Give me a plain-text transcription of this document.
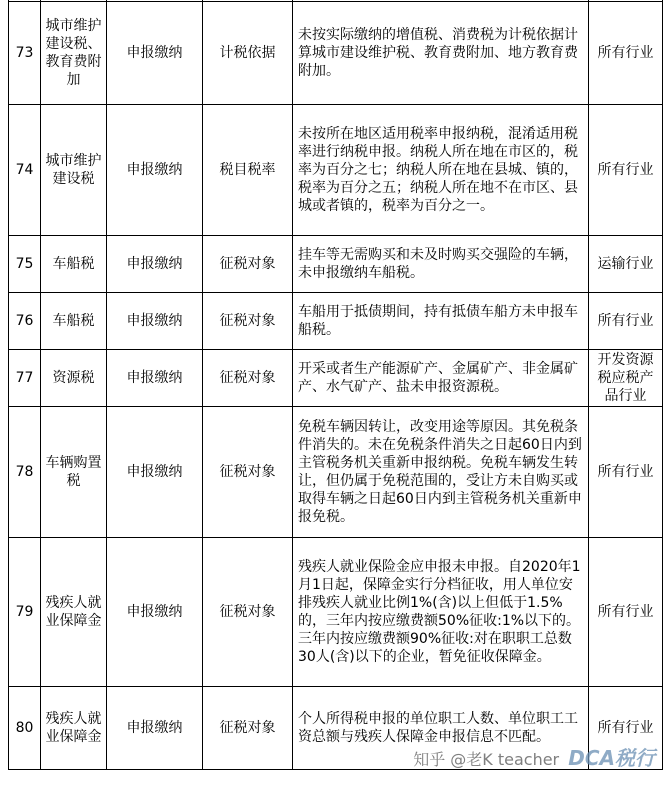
73	城市维护建设税、教育费附加	申报缴纳	计税依据	未按实际缴纳的增值税、消费税为计税依据计算城市建设维护税、教育费附加、地方教育费附加。	所有行业
74	城市维护建设税	申报缴纳	税目税率	未按所在地区适用税率申报纳税，混淆适用税率进行纳税申报。纳税人所在地在市区的，税率为百分之七；纳税人所在地在县城、镇的，税率为百分之五；纳税人所在地不在市区、县城或者镇的，税率为百分之一。	所有行业
75	车船税	申报缴纳	征税对象	挂车等无需购买和未及时购买交强险的车辆，未申报缴纳车船税。	运输行业
76	车船税	申报缴纳	征税对象	车船用于抵债期间，持有抵债车船方未申报车船税。	所有行业
77	资源税	申报缴纳	征税对象	开采或者生产能源矿产、金属矿产、非金属矿产、水气矿产、盐未申报资源税。	开发资源税应税产品行业
78	车辆购置税	申报缴纳	征税对象	免税车辆因转让，改变用途等原因。其免税条件消失的。未在免税条件消失之日起60日内到主管税务机关重新申报纳税。免税车辆发生转让，但仍属于免税范围的，受让方未自购买或取得车辆之日起60日内到主管税务机关重新申报免税。	所有行业
79	残疾人就业保障金	申报缴纳	征税对象	残疾人就业保险金应申报未申报。自2020年1月1日起，保障金实行分档征收，用人单位安排残疾人就业比例1%(含)以上但低于1.5%的，三年内按应缴费额50%征收:1%以下的。三年内按应缴费额90%征收:对在职职工总数30人(含)以下的企业，暂免征收保障金。	所有行业
80	残疾人就业保障金	申报缴纳	征税对象	个人所得税申报的单位职工人数、单位职工工资总额与残疾人保障金申报信息不匹配。	所有行业
知乎 @老K teacher DCA税行
